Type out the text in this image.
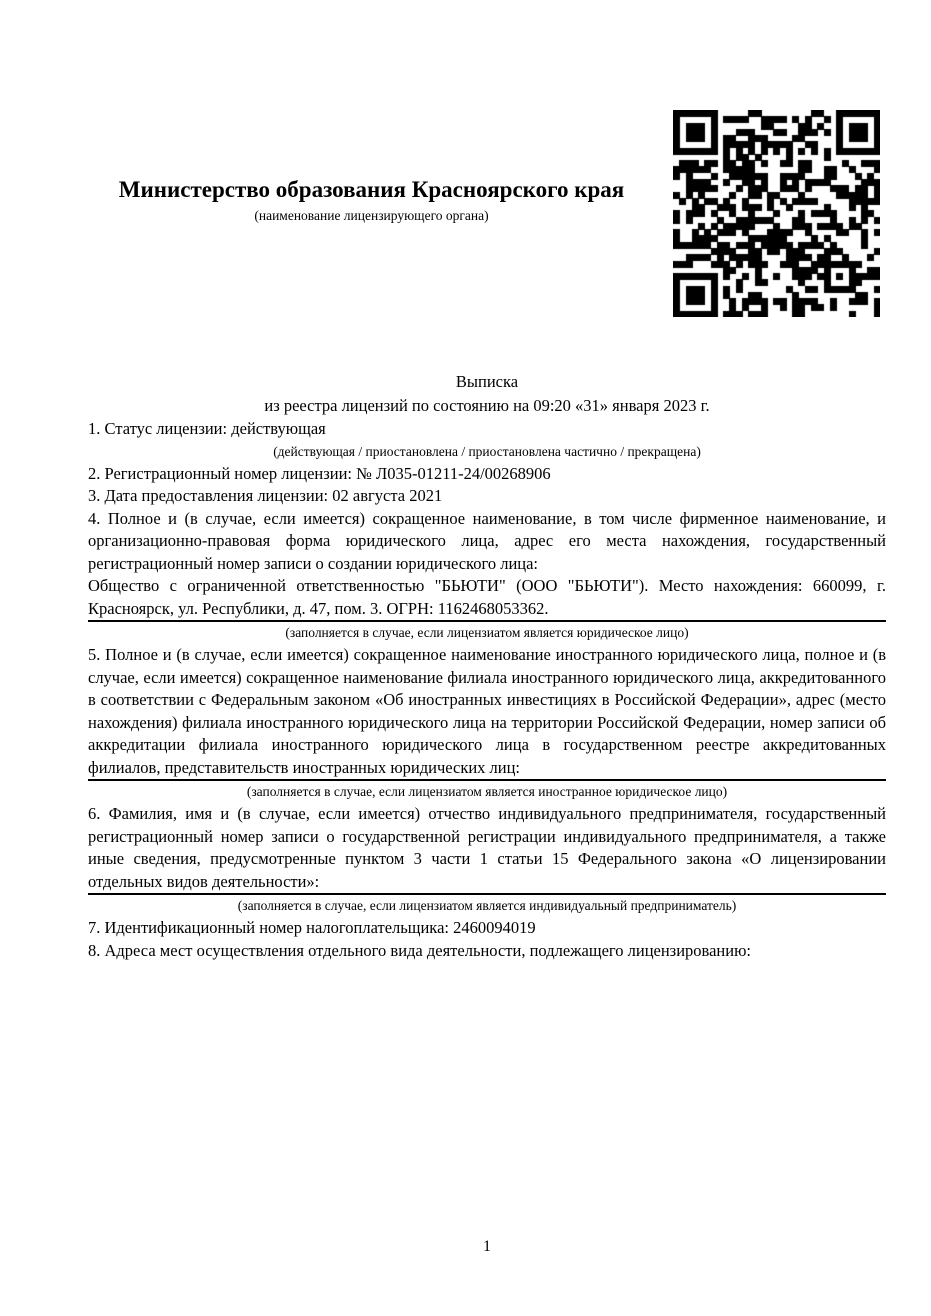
Министерство образования Красноярского края
(наименование лицензирующего органа)
Выписка
из реестра лицензий по состоянию на 09:20 «31» января 2023 г.

1. Статус лицензии: действующая

(действующая / приостановлена / приостановлена частично / прекращена)

2. Регистрационный номер лицензии: № Л035-01211-24/00268906

3. Дата предоставления лицензии: 02 августа 2021

4. Полное и (в случае, если имеется) сокращенное наименование, в том числе фирменное наименование, и организационно-правовая форма юридического лица, адрес его места нахождения, государственный регистрационный номер записи о создании юридического лица:

Общество с ограниченной ответственностью "БЬЮТИ" (ООО "БЬЮТИ"). Место нахождения: 660099, г. Красноярск, ул. Республики, д. 47, пом. 3. ОГРН: 1162468053362.

(заполняется в случае, если лицензиатом является юридическое лицо)

5. Полное и (в случае, если имеется) сокращенное наименование иностранного юридического лица, полное и (в случае, если имеется) сокращенное наименование филиала иностранного юридического лица, аккредитованного в соответствии с Федеральным законом «Об иностранных инвестициях в Российской Федерации», адрес (место нахождения) филиала иностранного юридического лица на территории Российской Федерации, номер записи об аккредитации филиала иностранного юридического лица в государственном реестре аккредитованных филиалов, представительств иностранных юридических лиц:

(заполняется в случае, если лицензиатом является иностранное юридическое лицо)

6. Фамилия, имя и (в случае, если имеется) отчество индивидуального предпринимателя, государственный регистрационный номер записи о государственной регистрации индивидуального предпринимателя, а также иные сведения, предусмотренные пунктом 3 части 1 статьи 15 Федерального закона «О лицензировании отдельных видов деятельности»:

(заполняется в случае, если лицензиатом является индивидуальный предприниматель)

7. Идентификационный номер налогоплательщика: 2460094019

8. Адреса мест осуществления отдельного вида деятельности, подлежащего лицензированию:

1
